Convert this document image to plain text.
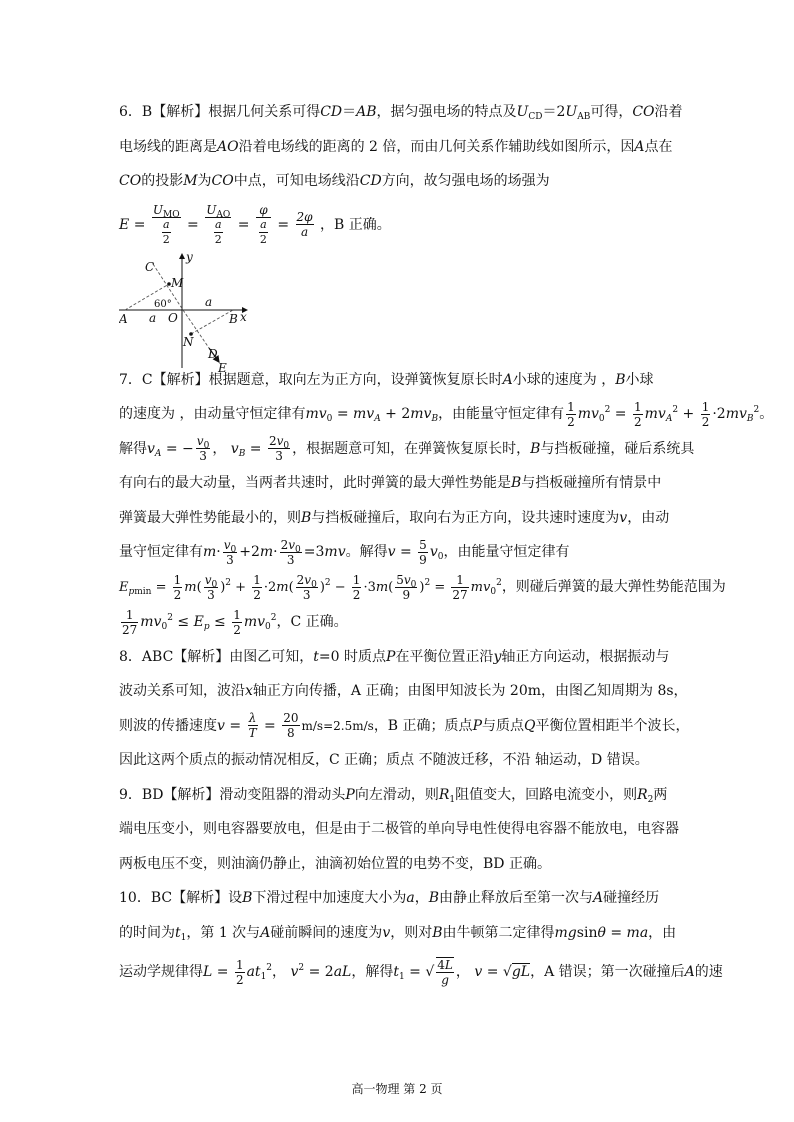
6．B【解析】根据几何关系可得CD＝AB，据匀强电场的特点及$U_{CD}=2U_{AB}$可得，CO沿着

电场线的距离是AO沿着电场线的距离的 2 倍，而由几何关系作辅助线如图所示，因A点在

CO的投影M为CO中点，可知电场线沿CD方向，故匀强电场的场强为

$E = \frac{U_{MO}}{\frac{a}{2}} = \frac{U_{AO}}{\frac{a}{2}} = \frac{\varphi}{\frac{a}{2}} = \frac{2\varphi}{a}$ ，B 正确。

7．C【解析】根据题意，取向左为正方向，设弹簧恢复原长时A小球的速度为 ，B小球

的速度为 ，由动量守恒定律有$mv_0 = mv_A + 2mv_B$，由能量守恒定律有 $\frac{1}{2} mv_0^2 = \frac{1}{2} mv_A^2 + \frac{1}{2} \cdot 2mv_B^2$。

解得$v_A$ = − $\frac{v_0}{3}$ ， $v_B = \frac{2v_0}{3}$ ，根据题意可知，在弹簧恢复原长时，B与挡板碰撞，碰后系统具

有向右的最大动量，当两者共速时，此时弹簧的最大弹性势能是B与挡板碰撞所有情景中

弹簧最大弹性势能最小的，则B与挡板碰撞后，取向右为正方向，设共速时速度为v，由动

量守恒定律有$m\cdot \frac{v_0}{3} +2m\cdot \frac{2v_0}{3} =3mv$。解得$v = \frac{5}{9} v_0$，由能量守恒定律有

$E_{pmin} = \frac{1}{2} m( \frac{v_0}{3} )^2 + \frac{1}{2} \cdot 2m( \frac{2v_0}{3} )^2 - \frac{1}{2} \cdot 3m( \frac{5v_0}{9} )^2 = \frac{1}{27} mv_0^2$，则碰后弹簧的最大弹性势能范围为

$\frac{1}{27} mv_0^2 \le E_p \le \frac{1}{2} mv_0^2$，C 正确。

8．ABC【解析】由图乙可知，t=0 时质点P在平衡位置正沿y轴正方向运动，根据振动与

波动关系可知，波沿x轴正方向传播，A 正确；由图甲知波长为 20m，由图乙知周期为 8s，

则波的传播速度$v = \frac{\lambda}{T} = \frac{20}{8} m/s=2.5m/s$，B 正确；质点P与质点Q平衡位置相距半个波长，

因此这两个质点的振动情况相反，C 正确；质点 不随波迁移，不沿 轴运动，D 错误。

9．BD【解析】滑动变阻器的滑动头P向左滑动，则$R_1$阻值变大，回路电流变小，则$R_2$两

端电压变小，则电容器要放电，但是由于二极管的单向导电性使得电容器不能放电，电容器

两板电压不变，则油滴仍静止，油滴初始位置的电势不变，BD 正确。

10．BC【解析】设B下滑过程中加速度大小为a，B由静止释放后至第一次与A碰撞经历

的时间为$t_1$，第 1 次与A碰前瞬间的速度为v，则对B由牛顿第二定律得mgsinθ = ma，由

运动学规律得$L = \frac{1}{2} at_1^2$， $v^2 = 2aL$，解得$t_1$ = √ $\frac{4L}{g}$ ， v = √gL，A 错误；第一次碰撞后A的速

C
M
y
60°	a
A a O	B x
N
D
E
高一物理 第 2 页
